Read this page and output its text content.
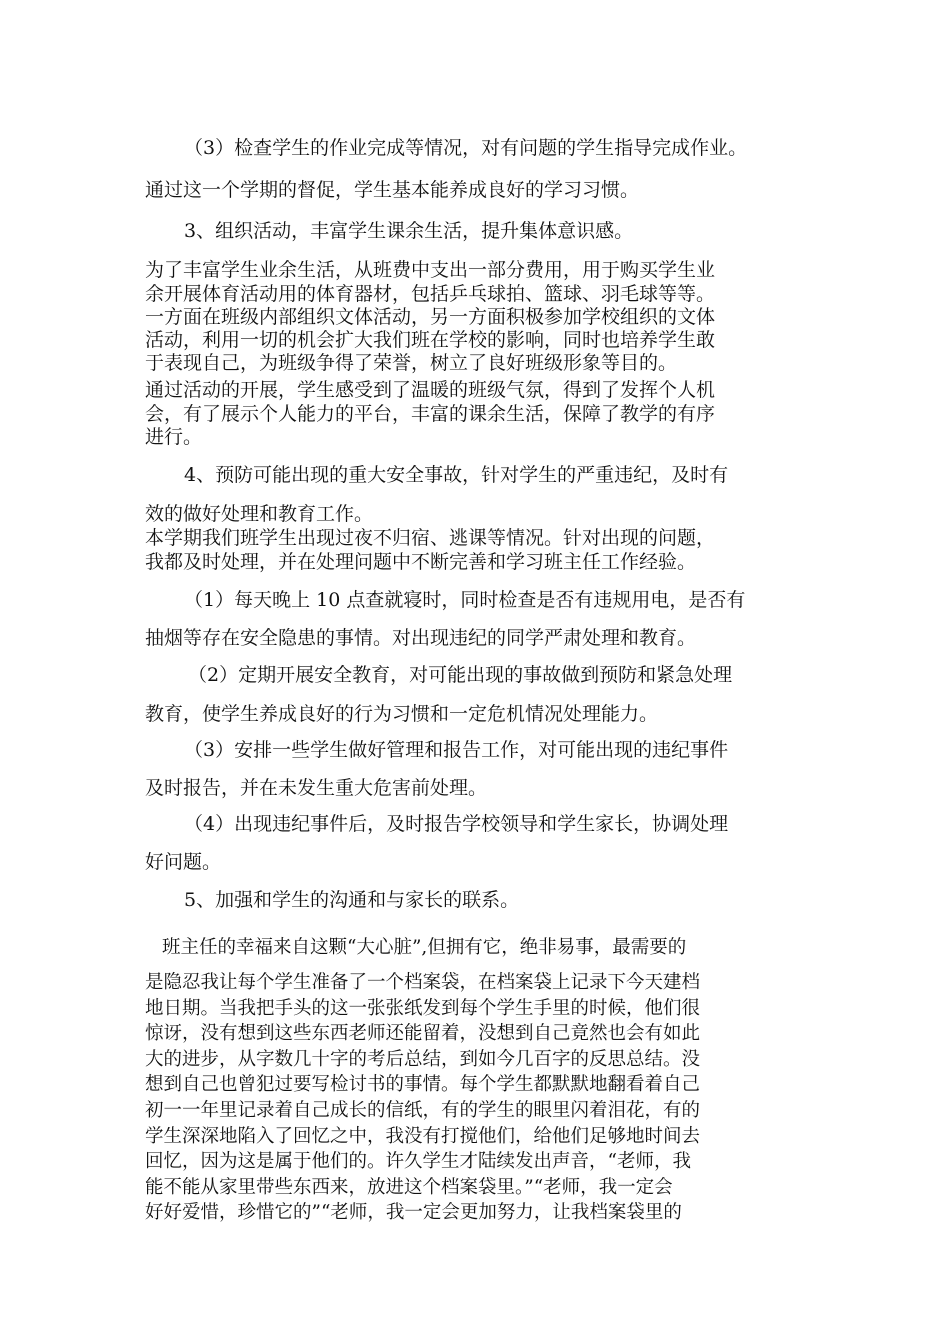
（3）检查学生的作业完成等情况，对有问题的学生指导完成作业。
通过这一个学期的督促，学生基本能养成良好的学习习惯。
3、组织活动，丰富学生课余生活，提升集体意识感。
为了丰富学生业余生活，从班费中支出一部分费用，用于购买学生业
余开展体育活动用的体育器材，包括乒乓球拍、篮球、羽毛球等等。
一方面在班级内部组织文体活动，另一方面积极参加学校组织的文体
活动，利用一切的机会扩大我们班在学校的影响，同时也培养学生敢
于表现自己，为班级争得了荣誉，树立了良好班级形象等目的。
通过活动的开展，学生感受到了温暖的班级气氛，得到了发挥个人机
会，有了展示个人能力的平台，丰富的课余生活，保障了教学的有序
进行。
4、预防可能出现的重大安全事故，针对学生的严重违纪，及时有
效的做好处理和教育工作。
本学期我们班学生出现过夜不归宿、逃课等情况。针对出现的问题，
我都及时处理，并在处理问题中不断完善和学习班主任工作经验。
（1）每天晚上 10 点查就寝时，同时检查是否有违规用电，是否有
抽烟等存在安全隐患的事情。对出现违纪的同学严肃处理和教育。
（2）定期开展安全教育，对可能出现的事故做到预防和紧急处理
教育，使学生养成良好的行为习惯和一定危机情况处理能力。
（3）安排一些学生做好管理和报告工作，对可能出现的违纪事件
及时报告，并在未发生重大危害前处理。
（4）出现违纪事件后，及时报告学校领导和学生家长，协调处理
好问题。
5、加强和学生的沟通和与家长的联系。
班主任的幸福来自这颗“大心脏”,但拥有它，绝非易事，最需要的
是隐忍我让每个学生准备了一个档案袋，在档案袋上记录下今天建档
地日期。当我把手头的这一张张纸发到每个学生手里的时候，他们很
惊讶，没有想到这些东西老师还能留着，没想到自己竟然也会有如此
大的进步，从字数几十字的考后总结，到如今几百字的反思总结。没
想到自己也曾犯过要写检讨书的事情。每个学生都默默地翻看着自己
初一一年里记录着自己成长的信纸，有的学生的眼里闪着泪花，有的
学生深深地陷入了回忆之中，我没有打搅他们，给他们足够地时间去
回忆，因为这是属于他们的。许久学生才陆续发出声音，“老师，我
能不能从家里带些东西来，放进这个档案袋里。”“老师，我一定会
好好爱惜，珍惜它的”“老师，我一定会更加努力，让我档案袋里的
